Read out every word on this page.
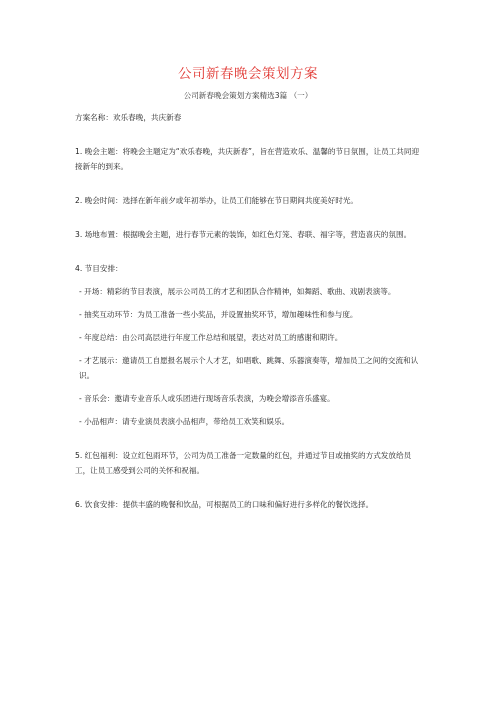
公司新春晚会策划方案
公司新春晚会策划方案精选3篇 （一）

方案名称：欢乐春晚，共庆新春

1. 晚会主题：将晚会主题定为“欢乐春晚，共庆新春”，旨在营造欢乐、温馨的节日氛围，让员工共同迎接新年的到来。

2. 晚会时间：选择在新年前夕或年初举办，让员工们能够在节日期间共度美好时光。

3. 场地布置：根据晚会主题，进行春节元素的装饰，如红色灯笼、春联、福字等，营造喜庆的氛围。

4. 节目安排：

- 开场：精彩的节目表演，展示公司员工的才艺和团队合作精神，如舞蹈、歌曲、戏剧表演等。

- 抽奖互动环节：为员工准备一些小奖品，并设置抽奖环节，增加趣味性和参与度。

- 年度总结：由公司高层进行年度工作总结和展望，表达对员工的感谢和期许。

- 才艺展示：邀请员工自愿报名展示个人才艺，如唱歌、跳舞、乐器演奏等，增加员工之间的交流和认识。

- 音乐会：邀请专业音乐人或乐团进行现场音乐表演，为晚会增添音乐盛宴。

- 小品相声：请专业演员表演小品相声，带给员工欢笑和娱乐。

5. 红包福利：设立红包雨环节，公司为员工准备一定数量的红包，并通过节目或抽奖的方式发放给员工，让员工感受到公司的关怀和祝福。

6. 饮食安排：提供丰盛的晚餐和饮品，可根据员工的口味和偏好进行多样化的餐饮选择。
